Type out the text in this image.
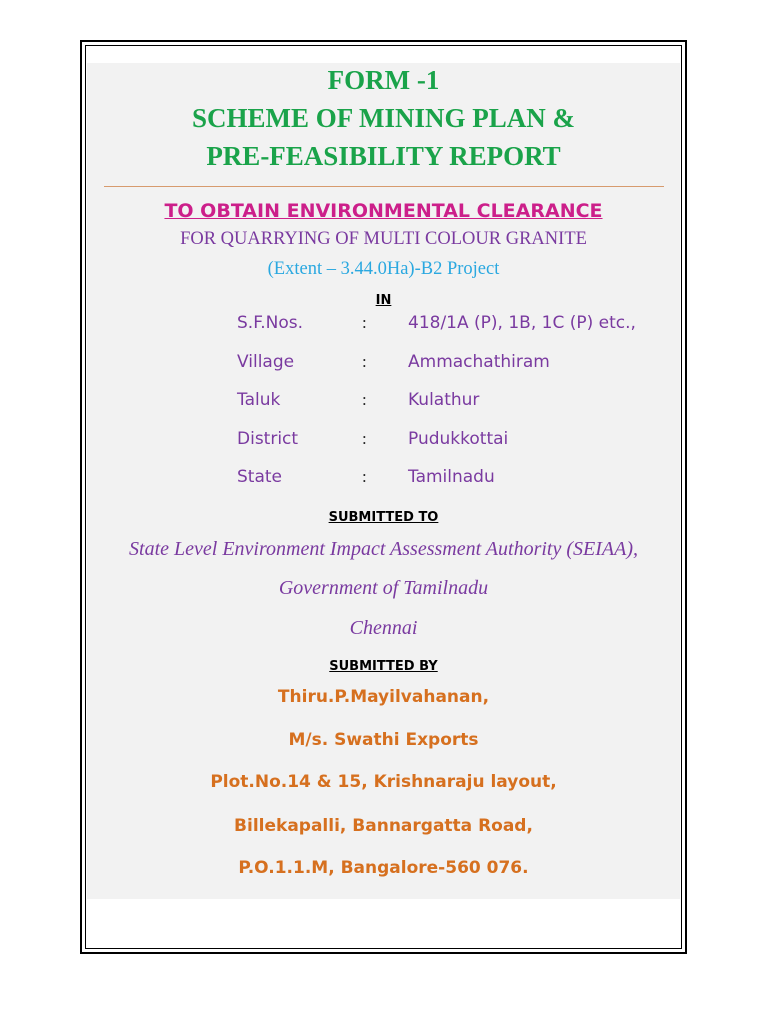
FORM -1
SCHEME OF MINING PLAN &
PRE-FEASIBILITY REPORT
TO OBTAIN ENVIRONMENTAL CLEARANCE
FOR QUARRYING OF MULTI COLOUR GRANITE
(Extent – 3.44.0Ha)-B2 Project
IN
S.F.Nos.	: 418/1A (P), 1B, 1C (P) etc.,
Village	: Ammachathiram
Taluk	: Kulathur
District	: Pudukkottai
State	: Tamilnadu
SUBMITTED TO
State Level Environment Impact Assessment Authority (SEIAA),
Government of Tamilnadu
Chennai
SUBMITTED BY
Thiru.P.Mayilvahanan,
M/s. Swathi Exports
Plot.No.14 & 15, Krishnaraju layout,
Billekapalli, Bannargatta Road,
P.O.1.1.M, Bangalore-560 076.
